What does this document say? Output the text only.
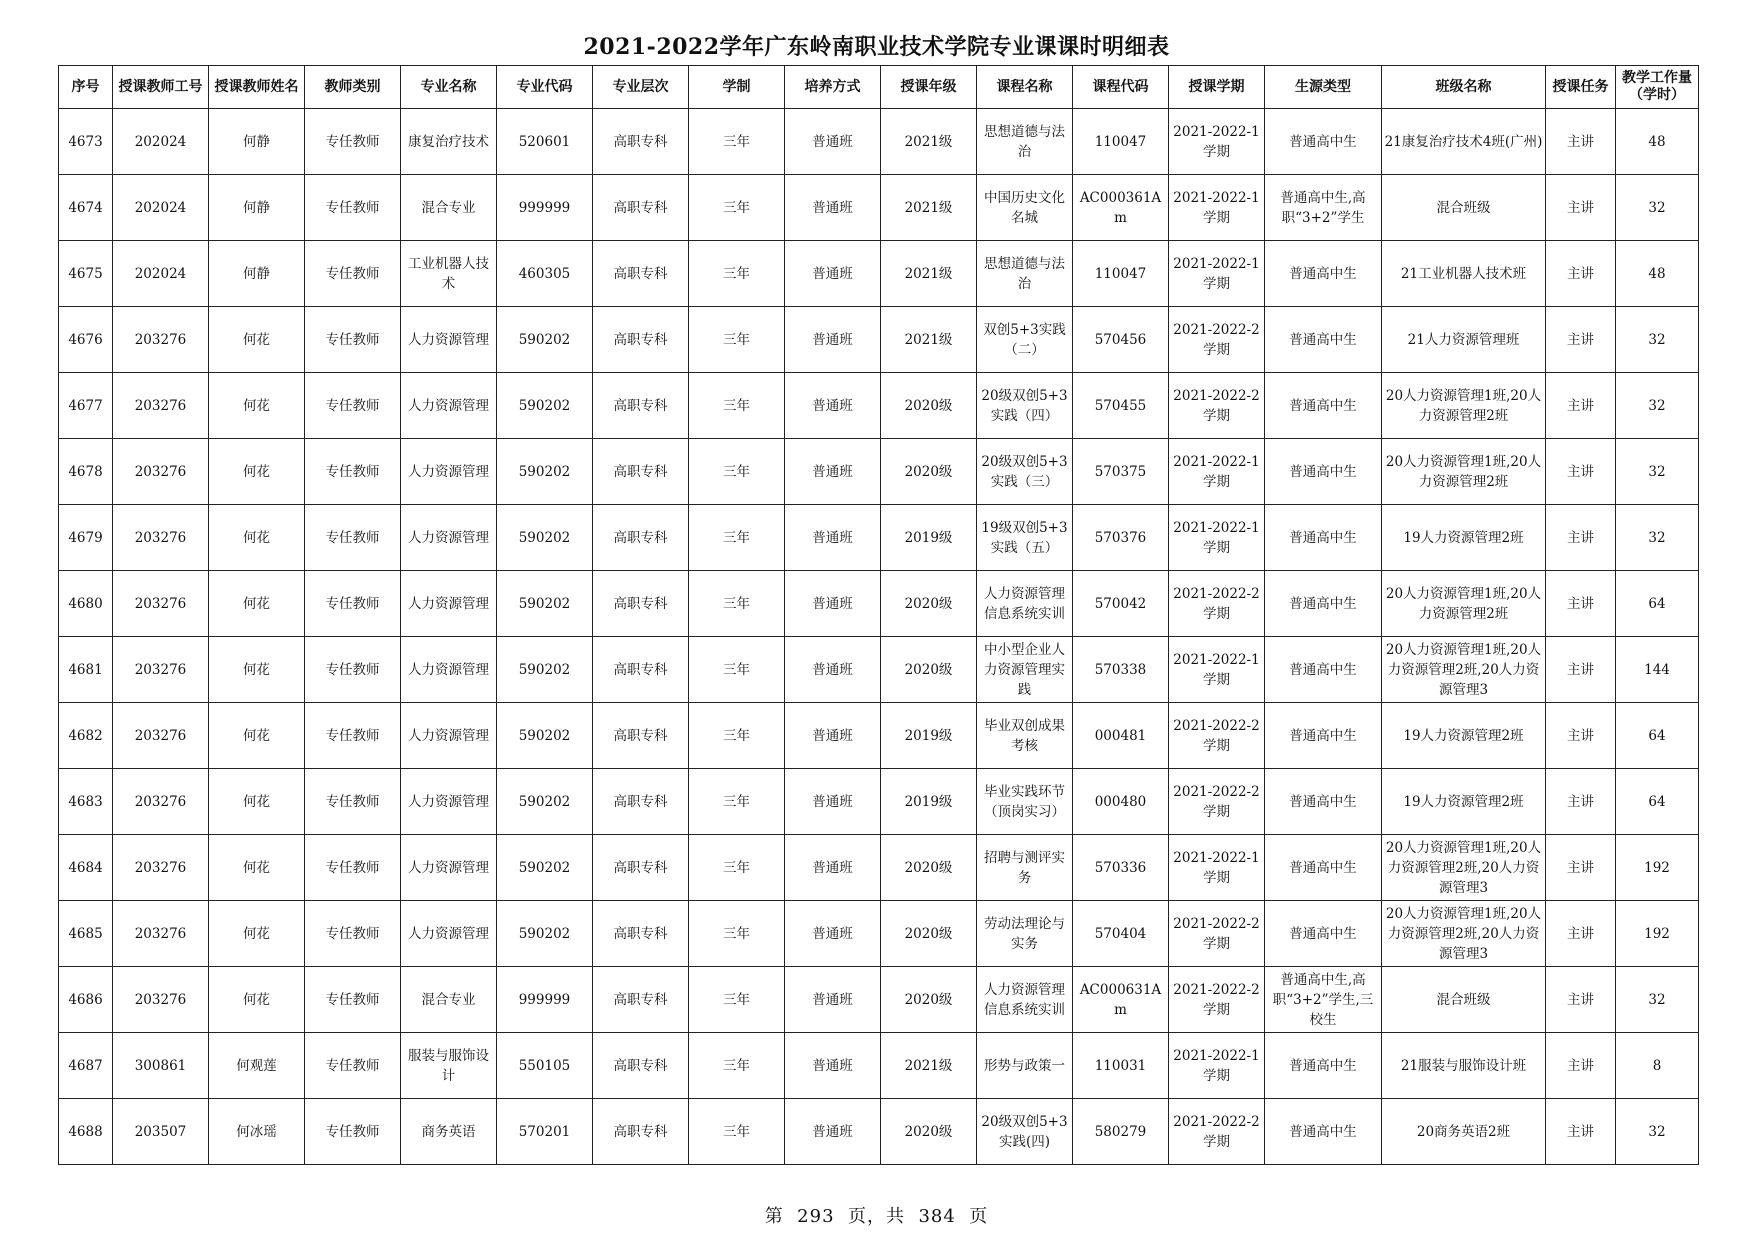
2021-2022学年广东岭南职业技术学院专业课课时明细表
序号	授课教师工号	授课教师姓名	教师类别	专业名称	专业代码	专业层次	学制	培养方式	授课年级	课程名称	课程代码	授课学期	生源类型	班级名称	授课任务	教学工作量（学时）

4673	202024	何静	专任教师	康复治疗技术	520601	高职专科	三年	普通班	2021级	思想道德与法治	110047	2021-2022-1学期	普通高中生	21康复治疗技术4班(广州)	主讲	48

4674	202024	何静	专任教师	混合专业	999999	高职专科	三年	普通班	2021级	中国历史文化名城	AC000361Am	2021-2022-1学期	普通高中生,高职“3+2”学生	混合班级	主讲	32

4675	202024	何静	专任教师	工业机器人技术	460305	高职专科	三年	普通班	2021级	思想道德与法治	110047	2021-2022-1学期	普通高中生	21工业机器人技术班	主讲	48

4676	203276	何花	专任教师	人力资源管理	590202	高职专科	三年	普通班	2021级	双创5+3实践（二）	570456	2021-2022-2学期	普通高中生	21人力资源管理班	主讲	32

4677	203276	何花	专任教师	人力资源管理	590202	高职专科	三年	普通班	2020级	20级双创5+3实践（四）	570455	2021-2022-2学期	普通高中生	20人力资源管理1班,20人力资源管理2班	主讲	32

4678	203276	何花	专任教师	人力资源管理	590202	高职专科	三年	普通班	2020级	20级双创5+3实践（三）	570375	2021-2022-1学期	普通高中生	20人力资源管理1班,20人力资源管理2班	主讲	32

4679	203276	何花	专任教师	人力资源管理	590202	高职专科	三年	普通班	2019级	19级双创5+3实践（五）	570376	2021-2022-1学期	普通高中生	19人力资源管理2班	主讲	32

4680	203276	何花	专任教师	人力资源管理	590202	高职专科	三年	普通班	2020级	人力资源管理信息系统实训	570042	2021-2022-2学期	普通高中生	20人力资源管理1班,20人力资源管理2班	主讲	64

4681	203276	何花	专任教师	人力资源管理	590202	高职专科	三年	普通班	2020级	中小型企业人力资源管理实践	570338	2021-2022-1学期	普通高中生	20人力资源管理1班,20人力资源管理2班,20人力资源管理3	主讲	144

4682	203276	何花	专任教师	人力资源管理	590202	高职专科	三年	普通班	2019级	毕业双创成果考核	000481	2021-2022-2学期	普通高中生	19人力资源管理2班	主讲	64

4683	203276	何花	专任教师	人力资源管理	590202	高职专科	三年	普通班	2019级	毕业实践环节（顶岗实习）	000480	2021-2022-2学期	普通高中生	19人力资源管理2班	主讲	64

4684	203276	何花	专任教师	人力资源管理	590202	高职专科	三年	普通班	2020级	招聘与测评实务	570336	2021-2022-1学期	普通高中生	20人力资源管理1班,20人力资源管理2班,20人力资源管理3	主讲	192

4685	203276	何花	专任教师	人力资源管理	590202	高职专科	三年	普通班	2020级	劳动法理论与实务	570404	2021-2022-2学期	普通高中生	20人力资源管理1班,20人力资源管理2班,20人力资源管理3	主讲	192

4686	203276	何花	专任教师	混合专业	999999	高职专科	三年	普通班	2020级	人力资源管理信息系统实训	AC000631Am	2021-2022-2学期	普通高中生,高职“3+2”学生,三校生	混合班级	主讲	32

4687	300861	何观莲	专任教师	服装与服饰设计	550105	高职专科	三年	普通班	2021级	形势与政策一	110031	2021-2022-1学期	普通高中生	21服装与服饰设计班	主讲	8

4688	203507	何冰瑶	专任教师	商务英语	570201	高职专科	三年	普通班	2020级	20级双创5+3实践(四)	580279	2021-2022-2学期	普通高中生	20商务英语2班	主讲	32
第 293 页，共 384 页
